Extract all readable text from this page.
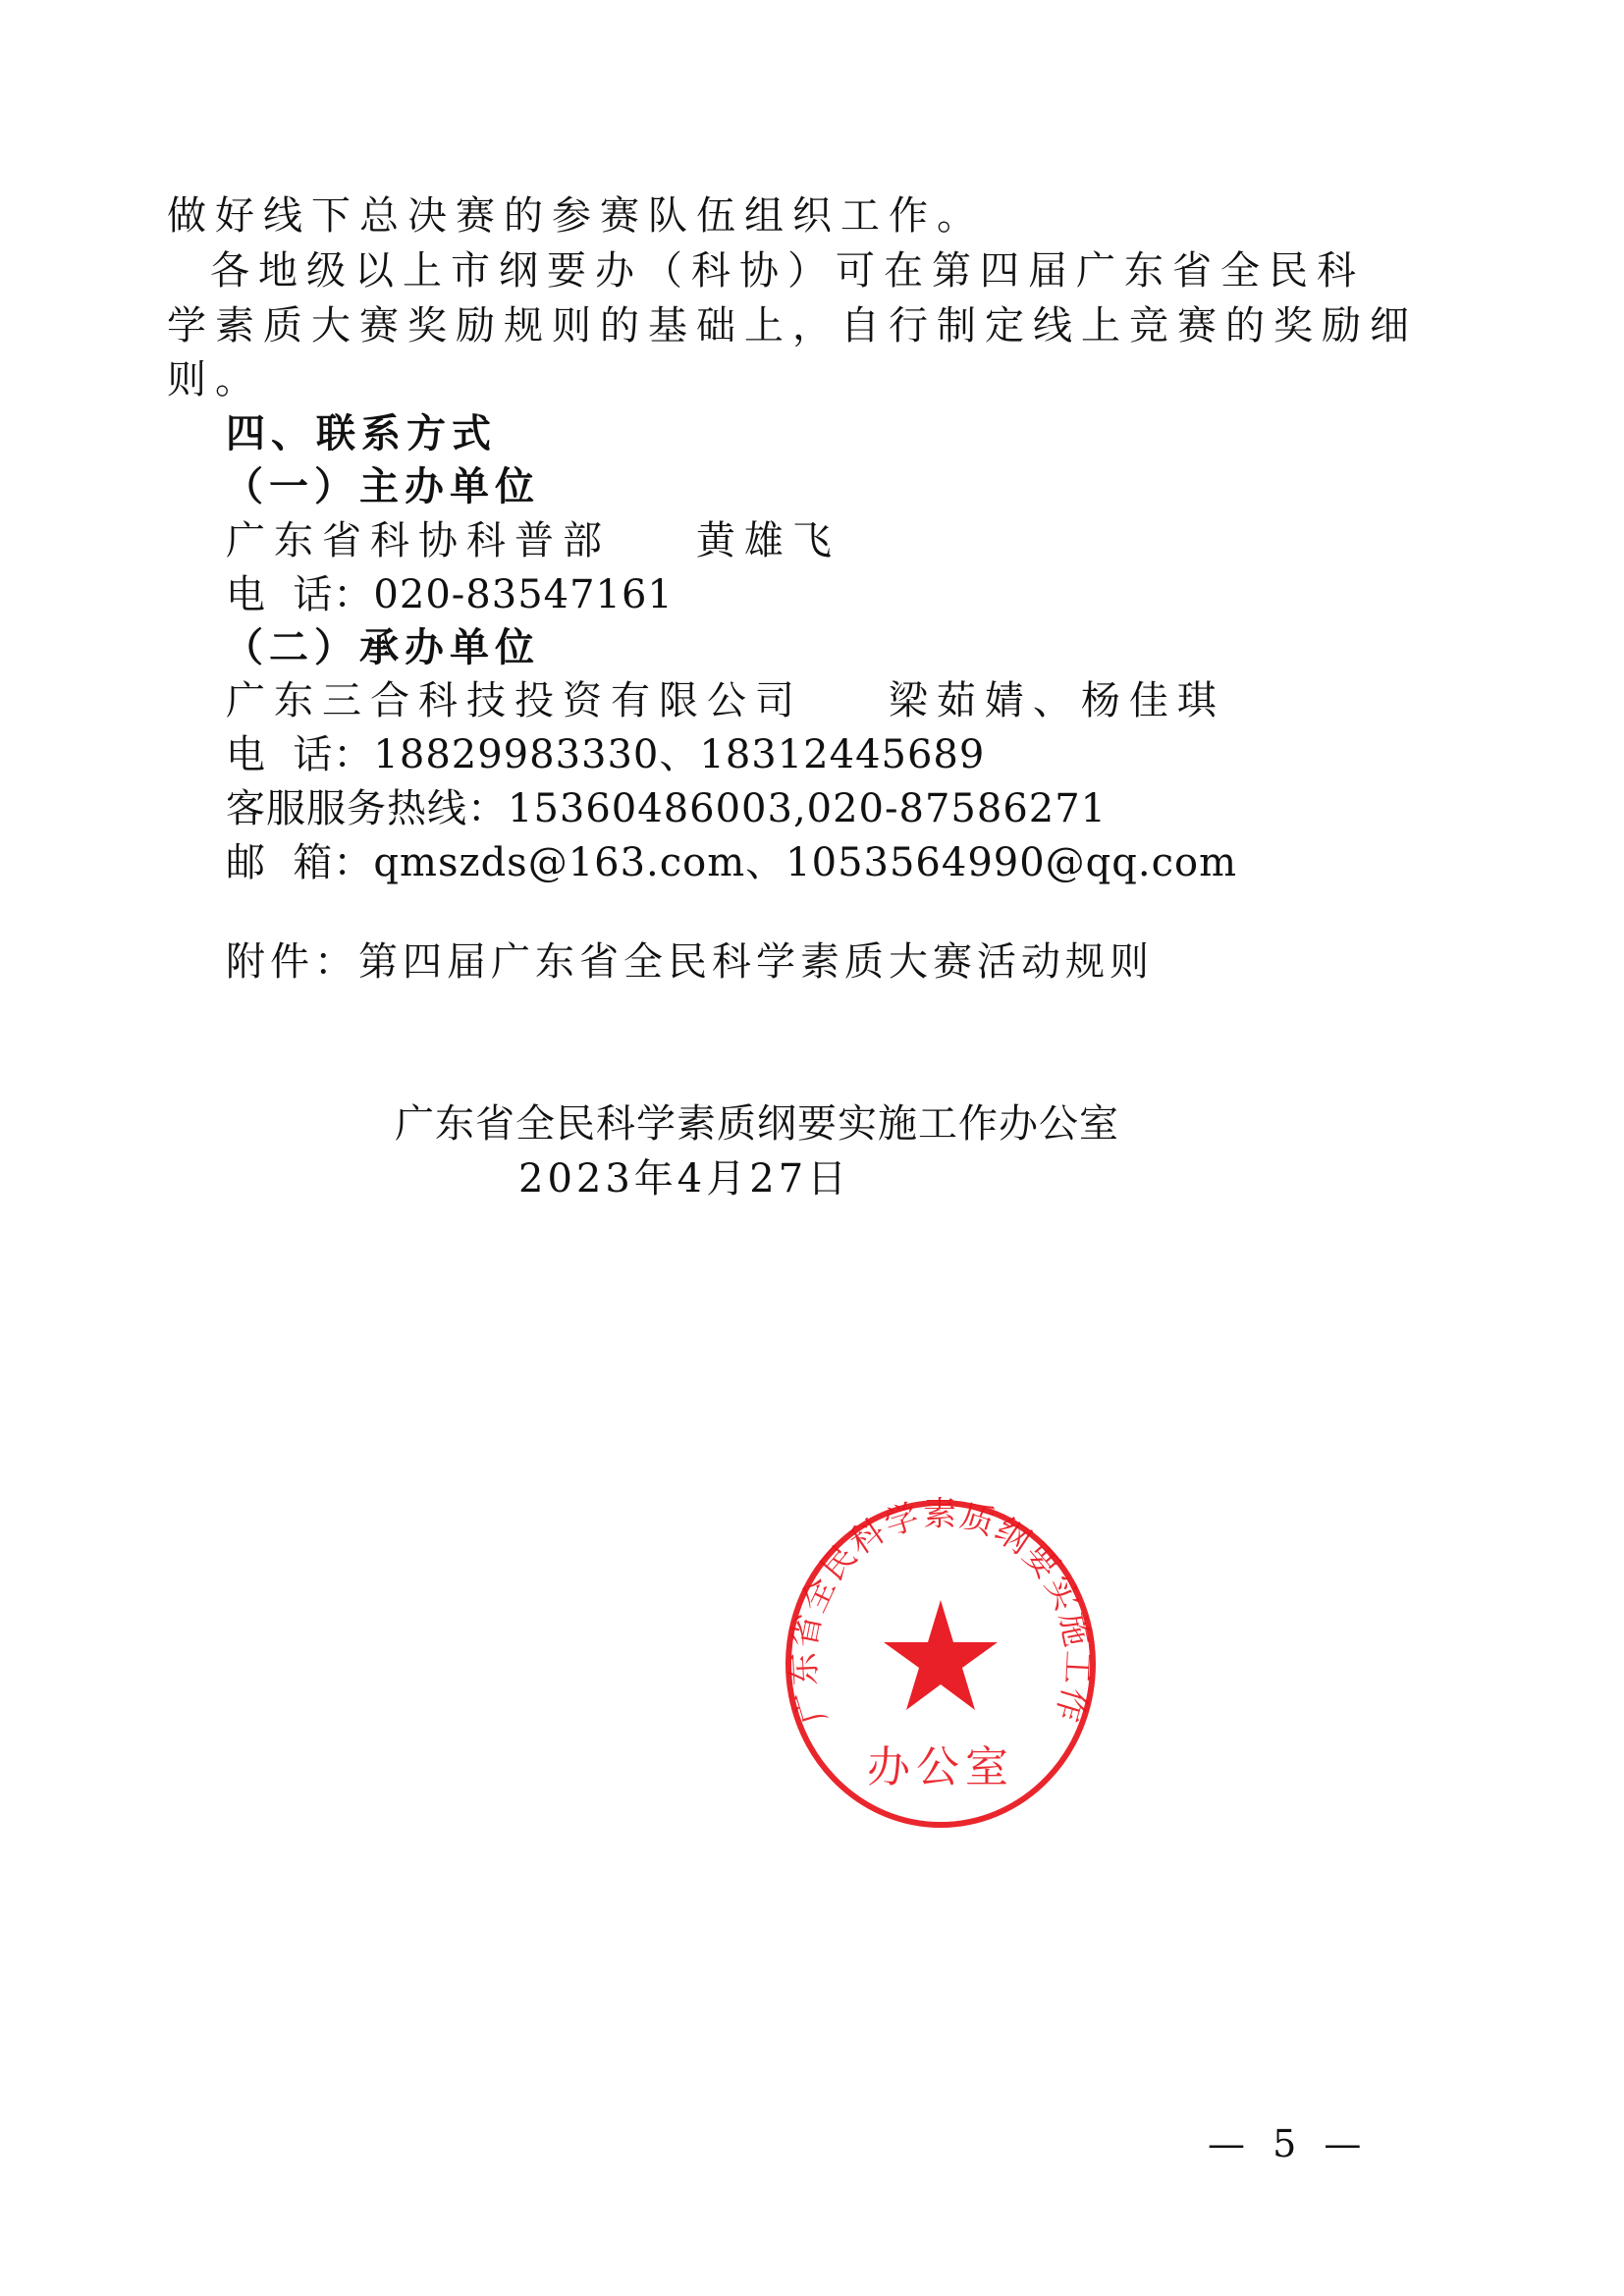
做好线下总决赛的参赛队伍组织工作。
各地级以上市纲要办（科协）可在第四届广东省全民科
学素质大赛奖励规则的基础上，自行制定线上竞赛的奖励细
则。
四、联系方式
（一）主办单位
广东省科协科普部    黄雄飞
电  话：020-83547161
（二）承办单位
广东三合科技投资有限公司    梁茹婧、杨佳琪
电  话：18829983330、18312445689
客服服务热线：15360486003,020-87586271
邮  箱：qmszds@163.com、1053564990@qq.com
附件：第四届广东省全民科学素质大赛活动规则
广东省全民科学素质纲要实施工作办公室
2023年4月27日
广东省全民科学素质纲要实施工作
办公室
— 5 —
